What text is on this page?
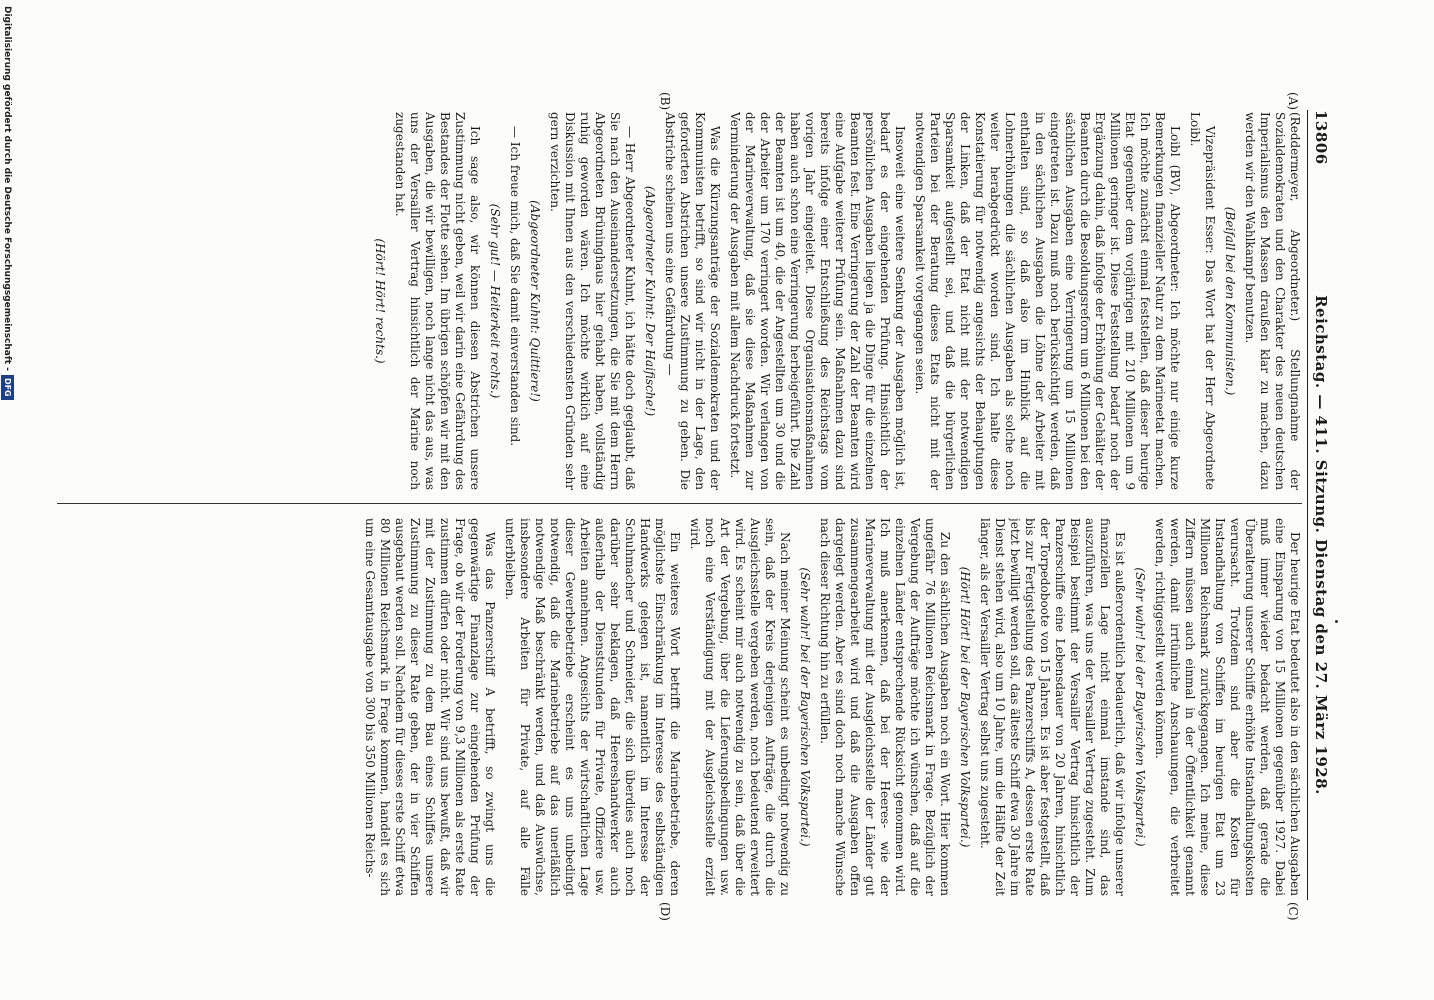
13806
Reichstag. — 411. Sitzung. Dienstag den 27. März 1928.
(A)
(B)
(C)
(D)

(Reddermeyer, Abgeordneter.) Stellungnahme der Sozialdemokraten und den Charakter des neuen deutschen Imperialismus den Massen draußen klar zu machen, dazu werden wir den Wahlkampf benutzen.

(Beifall bei den Kommunisten.)

Vizepräsident Esser: Das Wort hat der Herr Abgeordnete Loibl.

Loibl (BV), Abgeordneter: Ich möchte nur einige kurze Bemerkungen finanzieller Natur zu dem Marineetat machen. Ich möchte zunächst einmal feststellen, daß dieser heurige Etat gegenüber dem vorjährigen mit 210 Millionen um 9 Millionen geringer ist. Diese Feststellung bedarf noch der Ergänzung dahin, daß infolge der Erhöhung der Gehälter der Beamten durch die Besoldungsreform um 6 Millionen bei den sächlichen Ausgaben eine Verringerung um 15 Millionen eingetreten ist. Dazu muß noch berücksichtigt werden, daß in den sächlichen Ausgaben die Löhne der Arbeiter mit enthalten sind, so daß also im Hinblick auf die Lohnerhöhungen die sächlichen Ausgaben als solche noch weiter herabgedrückt worden sind. Ich halte diese Konstatierung für notwendig angesichts der Behauptungen der Linken, daß der Etat nicht mit der notwendigen Sparsamkeit aufgestellt sei, und daß die bürgerlichen Parteien bei der Beratung dieses Etats nicht mit der notwendigen Sparsamkeit vorgegangen seien.

Insoweit eine weitere Senkung der Ausgaben möglich ist, bedarf es der eingehenden Prüfung. Hinsichtlich der persönlichen Ausgaben liegen ja die Dinge für die einzelnen Beamten fest. Eine Verringerung der Zahl der Beamten wird eine Aufgabe weiterer Prüfung sein. Maßnahmen dazu sind bereits infolge einer Entschließung des Reichstags vom vorigen Jahr eingeleitet. Diese Organisationsmaßnahmen haben auch schon eine Verringerung herbeigeführt. Die Zahl der Beamten ist um 40, die der Angestellten um 30 und die der Arbeiter um 170 verringert worden. Wir verlangen von der Marineverwaltung, daß sie diese Maßnahmen zur Verminderung der Ausgaben mit allem Nachdruck fortsetzt.

Was die Kürzungsanträge der Sozialdemokraten und der Kommunisten betrifft, so sind wir nicht in der Lage, den geforderten Abstrichen unsere Zustimmung zu geben. Die Abstriche scheinen uns eine Gefährdung —

(Abgeordneter Kuhnt: Der Haifische!)

— Herr Abgeordneter Kuhnt, ich hätte doch geglaubt, daß Sie nach den Auseinandersetzungen, die Sie mit dem Herrn Abgeordneten Brüninghaus hier gehabt haben, vollständig ruhig geworden wären. Ich möchte wirklich auf eine Diskussion mit Ihnen aus den verschiedensten Gründen sehr gern verzichten.

(Abgeordneter Kuhnt: Quittiere!)

— Ich freue mich, daß Sie damit einverstanden sind.

(Sehr gut! — Heiterkeit rechts.)

Ich sage also, wir können diesen Abstrichen unsere Zustimmung nicht geben, weil wir darin eine Gefährdung des Bestandes der Flotte sehen. Im übrigen schöpfen wir mit den Ausgaben, die wir bewilligen, noch lange nicht das aus, was uns der Versailler Vertrag hinsichtlich der Marine noch zugestanden hat.

(Hört! Hört! rechts.)

Der heurige Etat bedeutet also in den sächlichen Ausgaben eine Einsparung von 15 Millionen gegenüber 1927. Dabei muß immer wieder bedacht werden, daß gerade die Überalterung unserer Schiffe erhöhte Instandhaltungskosten verursacht. Trotzdem sind aber die Kosten für Instandhaltung von Schiffen im heurigen Etat um 23 Millionen Reichsmark zurückgegangen. Ich meine, diese Ziffern müssen auch einmal in der Öffentlichkeit genannt werden, damit irrtümliche Anschauungen, die verbreitet werden, richtiggestellt werden können.

(Sehr wahr! bei der Bayerischen Volkspartei.)

Es ist außerordentlich bedauerlich, daß wir infolge unserer finanziellen Lage nicht einmal imstande sind, das auszuführen, was uns der Versailler Vertrag zugesteht. Zum Beispiel bestimmt der Versailler Vertrag hinsichtlich der Panzerschiffe eine Lebensdauer von 20 Jahren, hinsichtlich der Torpedoboote von 15 Jahren. Es ist aber festgestellt, daß bis zur Fertigstellung des Panzerschiffs A, dessen erste Rate jetzt bewilligt werden soll, das älteste Schiff etwa 30 Jahre im Dienst stehen wird, also um 10 Jahre, um die Hälfte der Zeit länger, als der Versailler Vertrag selbst uns zugesteht.

(Hört! Hört! bei der Bayerischen Volkspartei.)

Zu den sächlichen Ausgaben noch ein Wort. Hier kommen ungefähr 76 Millionen Reichsmark in Frage. Bezüglich der Vergebung der Aufträge möchte ich wünschen, daß auf die einzelnen Länder entsprechende Rücksicht genommen wird. Ich muß anerkennen, daß bei der Heeres- wie der Marineverwaltung mit der Ausgleichsstelle der Länder gut zusammengearbeitet wird und daß die Ausgaben offen dargelegt werden. Aber es sind doch noch manche Wünsche nach dieser Richtung hin zu erfüllen.

(Sehr wahr! bei der Bayerischen Volkspartei.)

Nach meiner Meinung scheint es unbedingt notwendig zu sein, daß der Kreis derjenigen Aufträge, die durch die Ausgleichsstelle vergeben werden, noch bedeutend erweitert wird. Es scheint mir auch notwendig zu sein, daß über die Art der Vergebung, über die Lieferungsbedingungen usw. noch eine Verständigung mit der Ausgleichsstelle erzielt wird.

Ein weiteres Wort betrifft die Marinebetriebe, deren möglichste Einschränkung im Interesse des selbständigen Handwerks gelegen ist, namentlich im Interesse der Schuhmacher und Schneider, die sich überdies auch noch darüber sehr beklagen, daß Heereshandwerker auch außerhalb der Dienststunden für Private, Offiziere usw. Arbeiten annehmen. Angesichts der wirtschaftlichen Lage dieser Gewerbebetriebe erscheint es uns unbedingt notwendig, daß die Marinebetriebe auf das unerläßlich notwendige Maß beschränkt werden, und daß Auswüchse, insbesondere Arbeiten für Private, auf alle Fälle unterbleiben.

Was das Panzerschiff A betrifft, so zwingt uns die gegenwärtige Finanzlage zur eingehenden Prüfung der Frage, ob wir der Forderung von 9,3 Millionen als erste Rate zustimmen dürfen oder nicht. Wir sind uns bewußt, daß wir mit der Zustimmung zu dem Bau eines Schiffes unsere Zustimmung zu dieser Rate geben, der in vier Schiffen ausgebaut werden soll. Nachdem für dieses erste Schiff etwa 80 Millionen Reichsmark in Frage kommen, handelt es sich um eine Gesamtausgabe von 300 bis 350 Millionen Reichs-

Digitalisierung gefördert durch die Deutsche Forschungsgemeinschaft -
DFG
